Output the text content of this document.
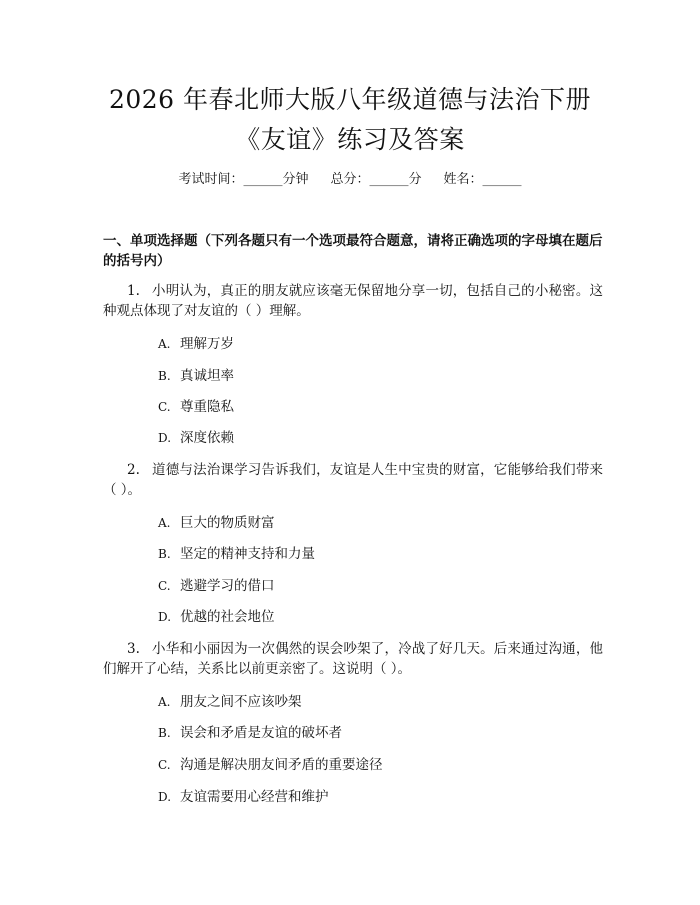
2026 年春北师大版八年级道德与法治下册
《友谊》练习及答案
考试时间：______分钟 总分：______分 姓名：______
一、单项选择题（下列各题只有一个选项最符合题意，请将正确选项的字母填在题后的括号内）
1. 小明认为，真正的朋友就应该毫无保留地分享一切，包括自己的小秘密。这种观点体现了对友谊的（ ）理解。
A. 理解万岁
B. 真诚坦率
C. 尊重隐私
D. 深度依赖
2. 道德与法治课学习告诉我们，友谊是人生中宝贵的财富，它能够给我们带来（ ）。
A. 巨大的物质财富
B. 坚定的精神支持和力量
C. 逃避学习的借口
D. 优越的社会地位
3. 小华和小丽因为一次偶然的误会吵架了，冷战了好几天。后来通过沟通，他们解开了心结，关系比以前更亲密了。这说明（ ）。
A. 朋友之间不应该吵架
B. 误会和矛盾是友谊的破坏者
C. 沟通是解决朋友间矛盾的重要途径
D. 友谊需要用心经营和维护
